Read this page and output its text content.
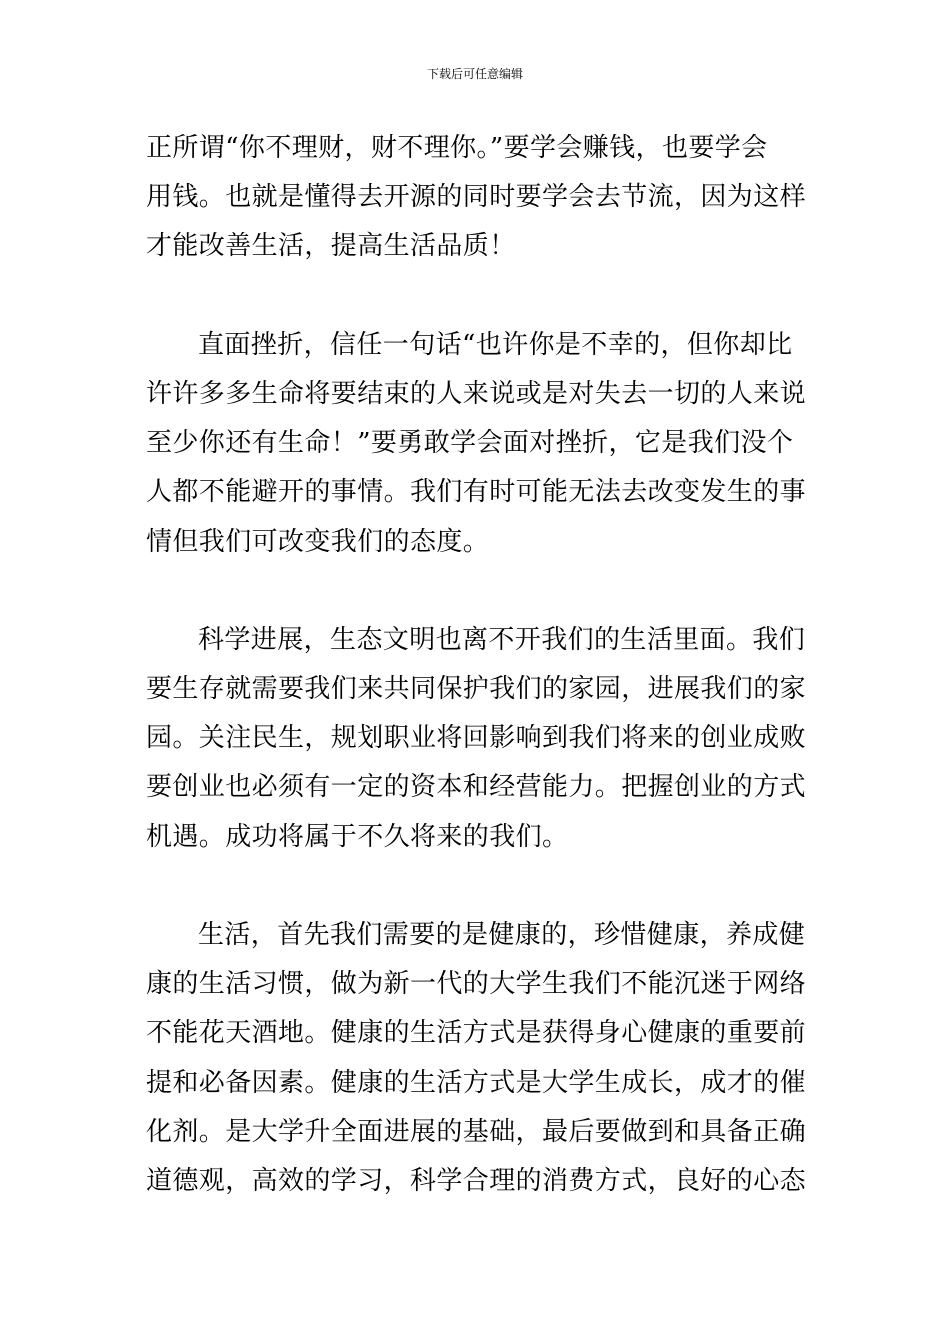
下载后可任意编辑
正所谓“你不理财，财不理你。”要学会赚钱，也要学会
用钱。也就是懂得去开源的同时要学会去节流，因为这样
才能改善生活，提高生活品质！
直面挫折，信任一句话“也许你是不幸的，但你却比
许许多多生命将要结束的人来说或是对失去一切的人来说
至少你还有生命！”要勇敢学会面对挫折，它是我们没个
人都不能避开的事情。我们有时可能无法去改变发生的事
情但我们可改变我们的态度。
科学进展，生态文明也离不开我们的生活里面。我们
要生存就需要我们来共同保护我们的家园，进展我们的家
园。关注民生，规划职业将回影响到我们将来的创业成败
要创业也必须有一定的资本和经营能力。把握创业的方式
机遇。成功将属于不久将来的我们。
生活，首先我们需要的是健康的，珍惜健康，养成健
康的生活习惯，做为新一代的大学生我们不能沉迷于网络
不能花天酒地。健康的生活方式是获得身心健康的重要前
提和必备因素。健康的生活方式是大学生成长，成才的催
化剂。是大学升全面进展的基础，最后要做到和具备正确
道德观，高效的学习，科学合理的消费方式，良好的心态
